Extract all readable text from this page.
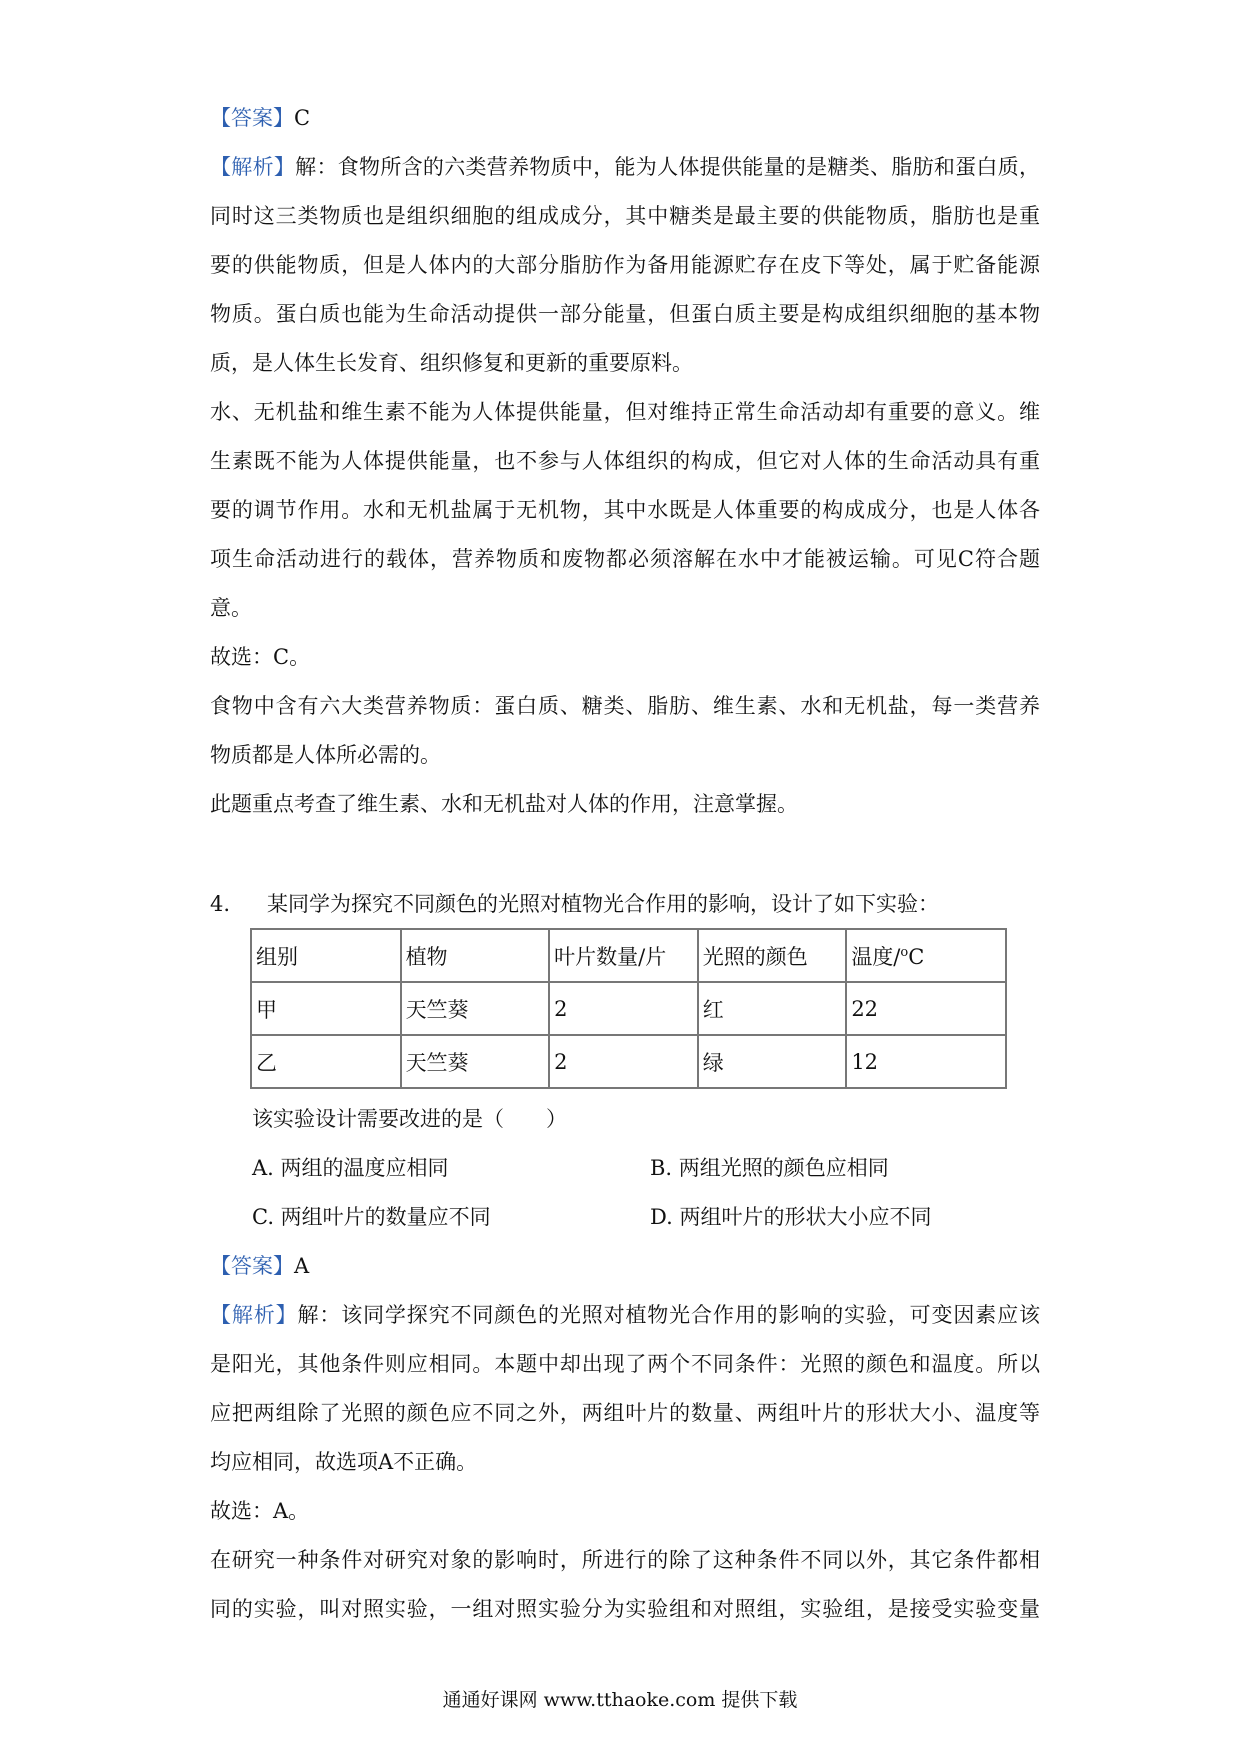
【答案】C

【解析】解：食物所含的六类营养物质中，能为人体提供能量的是糖类、脂肪和蛋白质，
同时这三类物质也是组织细胞的组成成分，其中糖类是最主要的供能物质，脂肪也是重
要的供能物质，但是人体内的大部分脂肪作为备用能源贮存在皮下等处，属于贮备能源
物质。蛋白质也能为生命活动提供一部分能量，但蛋白质主要是构成组织细胞的基本物
质，是人体生长发育、组织修复和更新的重要原料。
水、无机盐和维生素不能为人体提供能量，但对维持正常生命活动却有重要的意义。维
生素既不能为人体提供能量，也不参与人体组织的构成，但它对人体的生命活动具有重
要的调节作用。水和无机盐属于无机物，其中水既是人体重要的构成成分，也是人体各
项生命活动进行的载体，营养物质和废物都必须溶解在水中才能被运输。可见C符合题
意。
故选：C。
食物中含有六大类营养物质：蛋白质、糖类、脂肪、维生素、水和无机盐，每一类营养
物质都是人体所必需的。
此题重点考查了维生素、水和无机盐对人体的作用，注意掌握。
4. 某同学为探究不同颜色的光照对植物光合作用的影响，设计了如下实验：
组别	植物	叶片数量/片	光照的颜色	温度/$^o$C
甲	天竺葵	2	红	22
乙	天竺葵	2	绿	12
该实验设计需要改进的是（　　）
A. 两组的温度应相同	B. 两组光照的颜色应相同
C. 两组叶片的数量应不同	D. 两组叶片的形状大小应不同

【答案】A

【解析】解：该同学探究不同颜色的光照对植物光合作用的影响的实验，可变因素应该
是阳光，其他条件则应相同。本题中却出现了两个不同条件：光照的颜色和温度。所以
应把两组除了光照的颜色应不同之外，两组叶片的数量、两组叶片的形状大小、温度等
均应相同，故选项A不正确。
故选：A。
在研究一种条件对研究对象的影响时，所进行的除了这种条件不同以外，其它条件都相
同的实验，叫对照实验，一组对照实验分为实验组和对照组，实验组，是接受实验变量
通通好课网 www.tthaoke.com 提供下载
